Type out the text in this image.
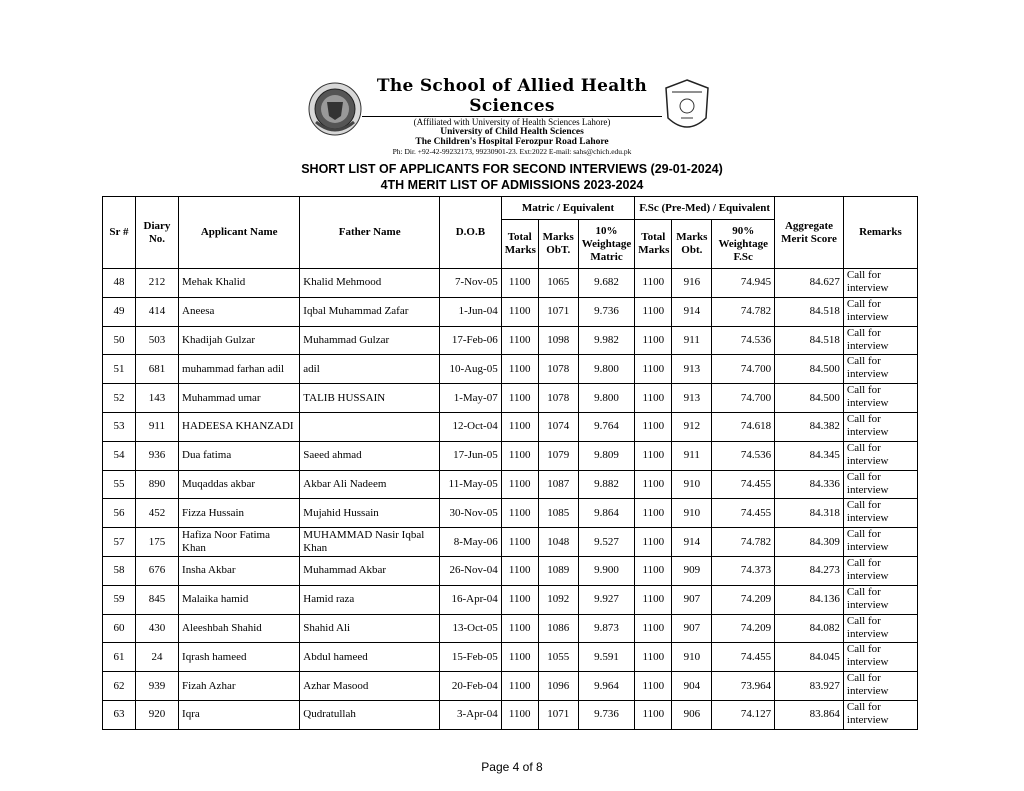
The School of Allied Health Sciences
(Affiliated with University of Health Sciences Lahore)
University of Child Health Sciences
The Children's Hospital Ferozpur Road Lahore
Ph: Dir. +92-42-99232173, 99230901-23. Ext:2022 E-mail: sahs@chich.edu.pk
SHORT LIST OF APPLICANTS FOR SECOND INTERVIEWS (29-01-2024)
4TH MERIT LIST OF ADMISSIONS 2023-2024
Sr #	Diary No.	Applicant Name	Father Name	D.O.B	Matric / Equivalent			F.Sc (Pre-Med) / Equivalent			Aggregate Merit Score	Remarks
					Total Marks	Marks ObT.	10% Weightage Matric	Total Marks	Marks Obt.	90% Weightage F.Sc		
48	212	Mehak Khalid	Khalid Mehmood	7-Nov-05	1100	1065	9.682	1100	916	74.945	84.627	Call for interview
49	414	Aneesa	Iqbal Muhammad Zafar	1-Jun-04	1100	1071	9.736	1100	914	74.782	84.518	Call for interview
50	503	Khadijah Gulzar	Muhammad Gulzar	17-Feb-06	1100	1098	9.982	1100	911	74.536	84.518	Call for interview
51	681	muhammad farhan adil	adil	10-Aug-05	1100	1078	9.800	1100	913	74.700	84.500	Call for interview
52	143	Muhammad umar	TALIB HUSSAIN	1-May-07	1100	1078	9.800	1100	913	74.700	84.500	Call for interview
53	911	HADEESA KHANZADI		12-Oct-04	1100	1074	9.764	1100	912	74.618	84.382	Call for interview
54	936	Dua fatima	Saeed ahmad	17-Jun-05	1100	1079	9.809	1100	911	74.536	84.345	Call for interview
55	890	Muqaddas akbar	Akbar Ali Nadeem	11-May-05	1100	1087	9.882	1100	910	74.455	84.336	Call for interview
56	452	Fizza Hussain	Mujahid Hussain	30-Nov-05	1100	1085	9.864	1100	910	74.455	84.318	Call for interview
57	175	Hafiza Noor Fatima Khan	MUHAMMAD Nasir Iqbal Khan	8-May-06	1100	1048	9.527	1100	914	74.782	84.309	Call for interview
58	676	Insha Akbar	Muhammad Akbar	26-Nov-04	1100	1089	9.900	1100	909	74.373	84.273	Call for interview
59	845	Malaika hamid	Hamid raza	16-Apr-04	1100	1092	9.927	1100	907	74.209	84.136	Call for interview
60	430	Aleeshbah Shahid	Shahid Ali	13-Oct-05	1100	1086	9.873	1100	907	74.209	84.082	Call for interview
61	24	Iqrash hameed	Abdul hameed	15-Feb-05	1100	1055	9.591	1100	910	74.455	84.045	Call for interview
62	939	Fizah Azhar	Azhar Masood	20-Feb-04	1100	1096	9.964	1100	904	73.964	83.927	Call for interview
63	920	Iqra	Qudratullah	3-Apr-04	1100	1071	9.736	1100	906	74.127	83.864	Call for interview
Page 4 of 8
